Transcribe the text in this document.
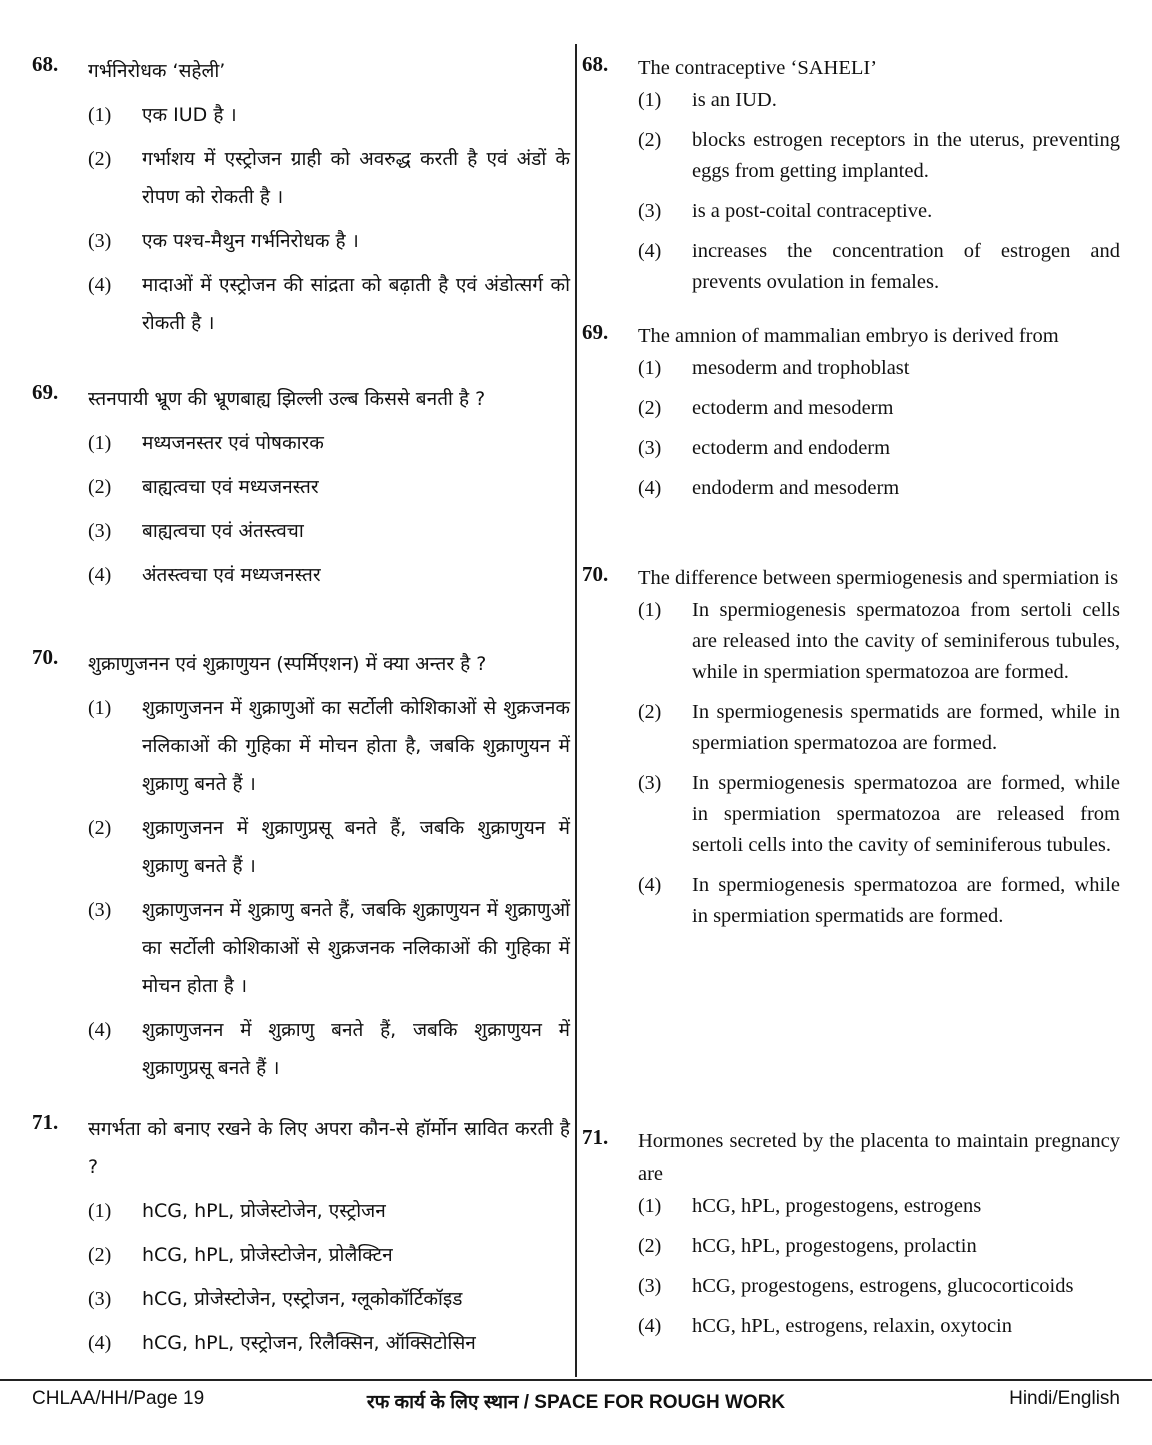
68.	गर्भनिरोधक ‘सहेली’
(1)	एक IUD है ।
(2)	गर्भाशय में एस्ट्रोजन ग्राही को अवरुद्ध करती है एवं अंडों के रोपण को रोकती है ।
(3)	एक पश्च-मैथुन गर्भनिरोधक है ।
(4)	मादाओं में एस्ट्रोजन की सांद्रता को बढ़ाती है एवं अंडोत्सर्ग को रोकती है ।
69.	स्तनपायी भ्रूण की भ्रूणबाह्य झिल्ली उल्ब किससे बनती है ?
(1)	मध्यजनस्तर एवं पोषकारक
(2)	बाह्यत्वचा एवं मध्यजनस्तर
(3)	बाह्यत्वचा एवं अंतस्त्वचा
(4)	अंतस्त्वचा एवं मध्यजनस्तर
70.	शुक्राणुजनन एवं शुक्राणुयन (स्पर्मिएशन) में क्या अन्तर है ?
(1)	शुक्राणुजनन में शुक्राणुओं का सर्टोली कोशिकाओं से शुक्रजनक नलिकाओं की गुहिका में मोचन होता है, जबकि शुक्राणुयन में शुक्राणु बनते हैं ।
(2)	शुक्राणुजनन में शुक्राणुप्रसू बनते हैं, जबकि शुक्राणुयन में शुक्राणु बनते हैं ।
(3)	शुक्राणुजनन में शुक्राणु बनते हैं, जबकि शुक्राणुयन में शुक्राणुओं का सर्टोली कोशिकाओं से शुक्रजनक नलिकाओं की गुहिका में मोचन होता है ।
(4)	शुक्राणुजनन में शुक्राणु बनते हैं, जबकि शुक्राणुयन में शुक्राणुप्रसू बनते हैं ।
71.	सगर्भता को बनाए रखने के लिए अपरा कौन-से हॉर्मोन स्रावित करती है ?
(1)	hCG, hPL, प्रोजेस्टोजेन, एस्ट्रोजन
(2)	hCG, hPL, प्रोजेस्टोजेन, प्रोलैक्टिन
(3)	hCG, प्रोजेस्टोजेन, एस्ट्रोजन, ग्लूकोकॉर्टिकॉइड
(4)	hCG, hPL, एस्ट्रोजन, रिलैक्सिन, ऑक्सिटोसिन
68.	The contraceptive ‘SAHELI’
(1)	is an IUD.
(2)	blocks estrogen receptors in the uterus, preventing eggs from getting implanted.
(3)	is a post-coital contraceptive.
(4)	increases the concentration of estrogen and prevents ovulation in females.
69.	The amnion of mammalian embryo is derived from
(1)	mesoderm and trophoblast
(2)	ectoderm and mesoderm
(3)	ectoderm and endoderm
(4)	endoderm and mesoderm
70.	The difference between spermiogenesis and spermiation is
(1)	In spermiogenesis spermatozoa from sertoli cells are released into the cavity of seminiferous tubules, while in spermiation spermatozoa are formed.
(2)	In spermiogenesis spermatids are formed, while in spermiation spermatozoa are formed.
(3)	In spermiogenesis spermatozoa are formed, while in spermiation spermatozoa are released from sertoli cells into the cavity of seminiferous tubules.
(4)	In spermiogenesis spermatozoa are formed, while in spermiation spermatids are formed.
71.	Hormones secreted by the placenta to maintain pregnancy are
(1)	hCG, hPL, progestogens, estrogens
(2)	hCG, hPL, progestogens, prolactin
(3)	hCG, progestogens, estrogens, glucocorticoids
(4)	hCG, hPL, estrogens, relaxin, oxytocin
CHLAA/HH/Page 19	रफ कार्य के लिए स्थान / SPACE FOR ROUGH WORK	Hindi/English
